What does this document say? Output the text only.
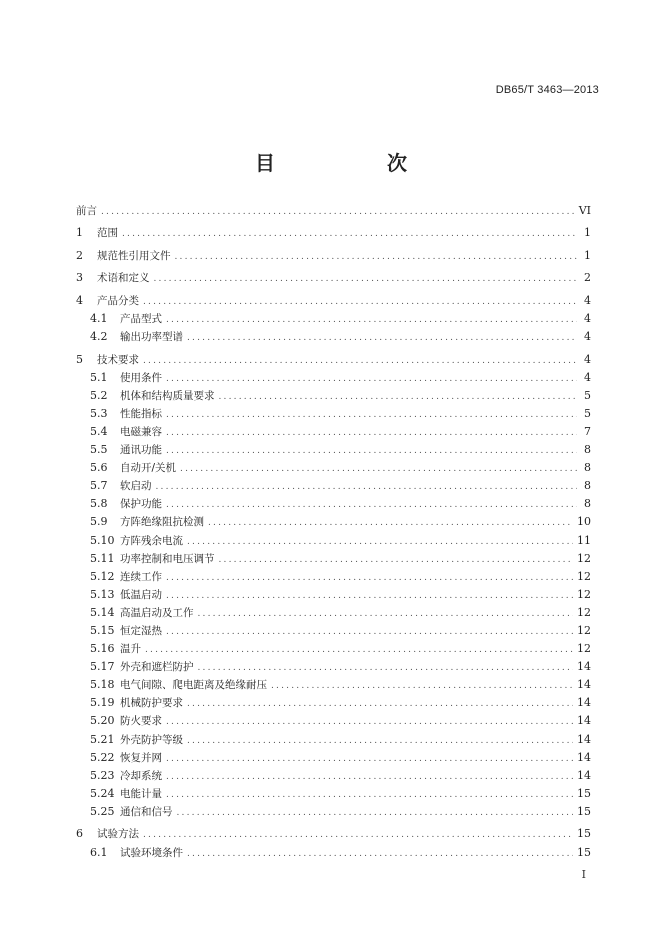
DB65/T 3463—2013
目　次
前言 .....	VI
1	范围 .....	1
2	规范性引用文件 .....	1
3	术语和定义 .....	2
4	产品分类 .....	4
4.1	产品型式 .....	4
4.2	输出功率型谱 .....	4
5	技术要求 .....	4
5.1	使用条件 .....	4
5.2	机体和结构质量要求 .....	5
5.3	性能指标 .....	5
5.4	电磁兼容 .....	7
5.5	通讯功能 .....	8
5.6	自动开/关机 .....	8
5.7	软启动 .....	8
5.8	保护功能 .....	8
5.9	方阵绝缘阻抗检测 .....	10
5.10 方阵残余电流 .....	11
5.11 功率控制和电压调节 .....	12
5.12 连续工作 .....	12
5.13 低温启动 .....	12
5.14 高温启动及工作 .....	12
5.15 恒定湿热 .....	12
5.16 温升 .....	12
5.17 外壳和遮栏防护 .....	14
5.18 电气间隙、爬电距离及绝缘耐压 .....	14
5.19 机械防护要求 .....	14
5.20 防火要求 .....	14
5.21 外壳防护等级 .....	14
5.22 恢复并网 .....	14
5.23 冷却系统 .....	14
5.24 电能计量 .....	15
5.25 通信和信号 .....	15
6	试验方法 .....	15
6.1	试验环境条件 .....	15
I
